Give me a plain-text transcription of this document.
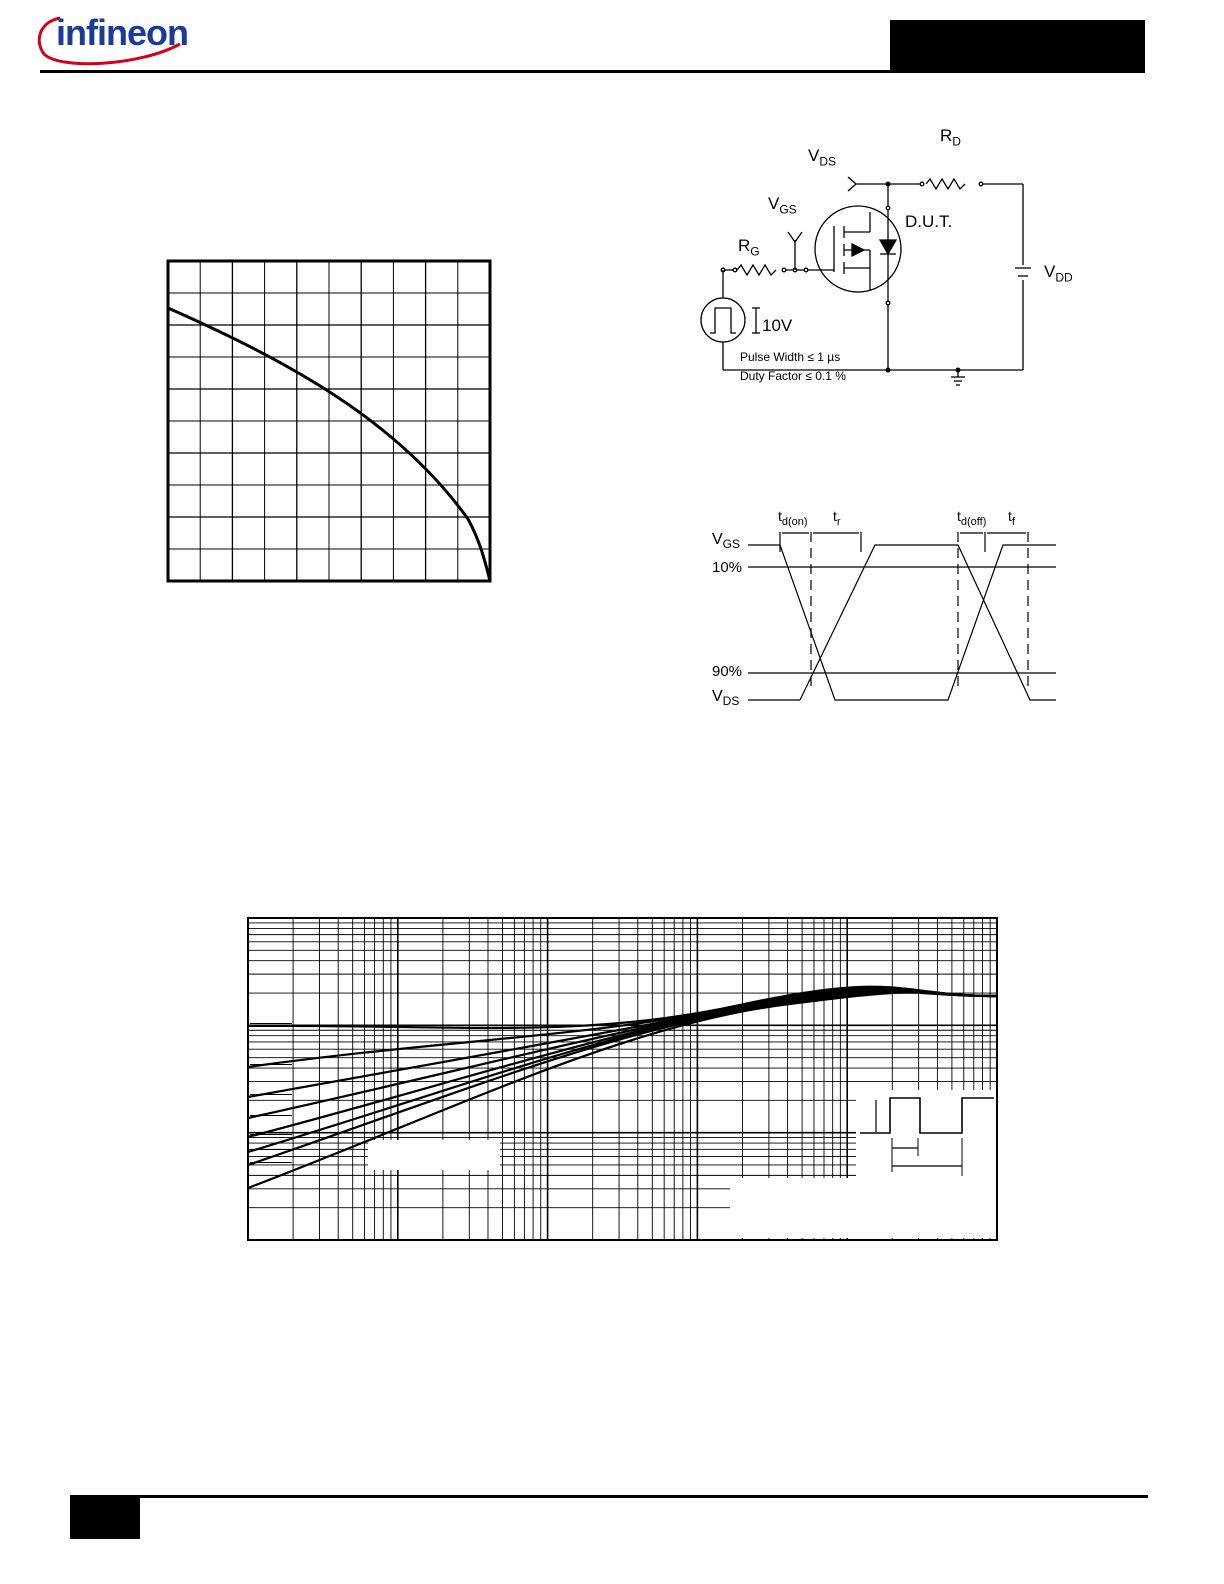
infineon
$R_D$
$V_{DS}$
$V_{GS}$
$R_G$
D.U.T.
$V_{DD}$
10V
Pulse Width ≤ 1 µs
Duty Factor ≤ 0.1 %
$t_{d(on)}$ $t_r$	$t_{d(off)}$ $t_f$
$V_{GS}$
10%
90%
$V_{DS}$
